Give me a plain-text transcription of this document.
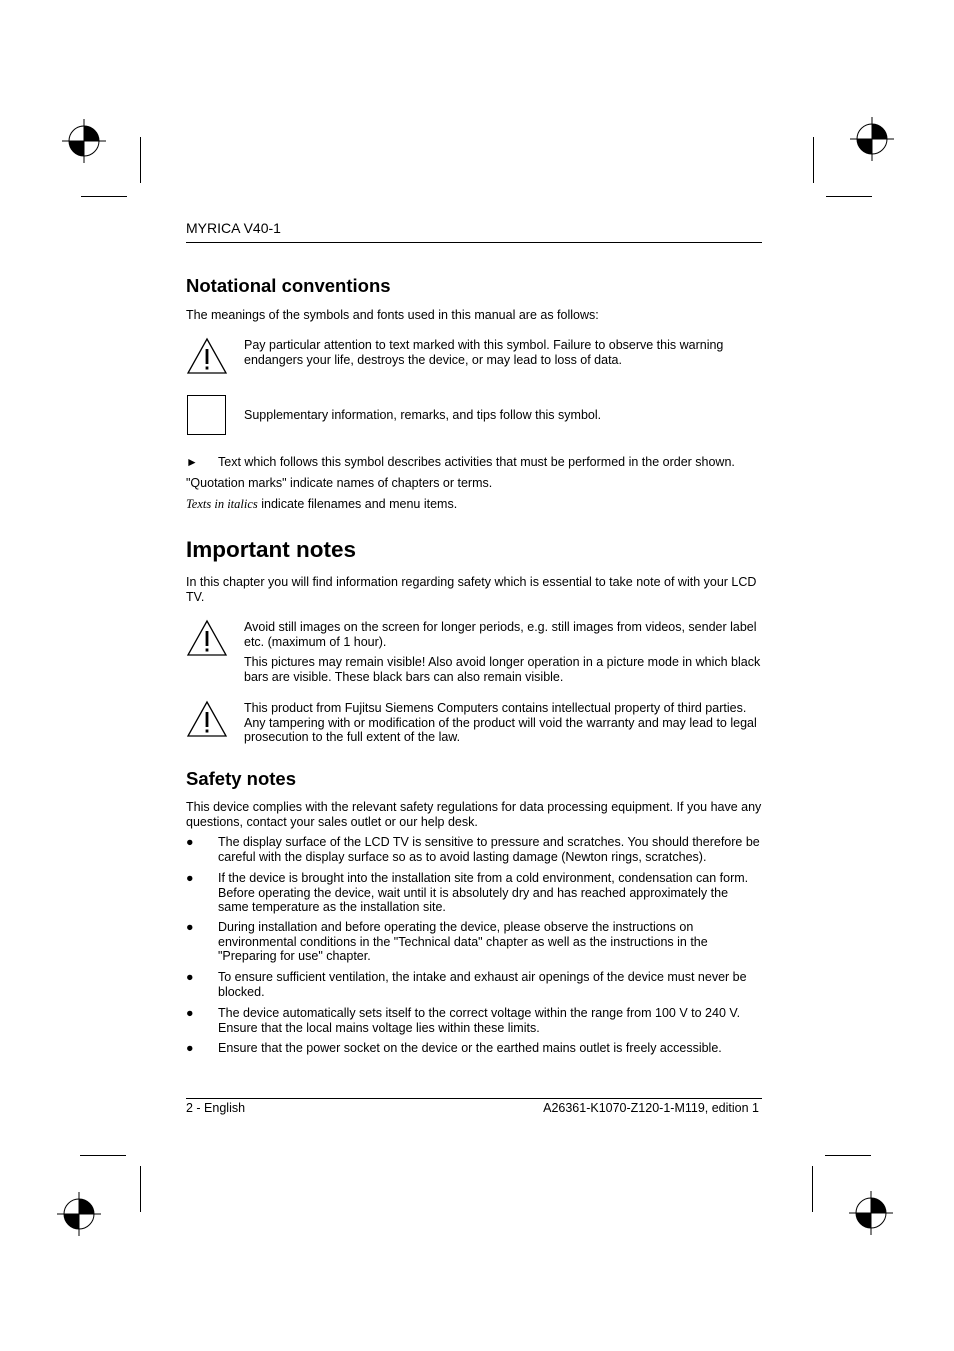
MYRICA V40-1
Notational conventions
The meanings of the symbols and fonts used in this manual are as follows:
Pay particular attention to text marked with this symbol. Failure to observe this warning endangers your life, destroys the device, or may lead to loss of data.
Supplementary information, remarks, and tips follow this symbol.
► Text which follows this symbol describes activities that must be performed in the order shown.
"Quotation marks" indicate names of chapters or terms.
Texts in italics indicate filenames and menu items.
Important notes
In this chapter you will find information regarding safety which is essential to take note of with your LCD TV.

Avoid still images on the screen for longer periods, e.g. still images from videos, sender label etc. (maximum of 1 hour).

This pictures may remain visible! Also avoid longer operation in a picture mode in which black bars are visible. These black bars can also remain visible.

This product from Fujitsu Siemens Computers contains intellectual property of third parties. Any tampering with or modification of the product will void the warranty and may lead to legal prosecution to the full extent of the law.
Safety notes
This device complies with the relevant safety regulations for data processing equipment. If you have any questions, contact your sales outlet or our help desk.
● The display surface of the LCD TV is sensitive to pressure and scratches. You should therefore be careful with the display surface so as to avoid lasting damage (Newton rings, scratches).
● If the device is brought into the installation site from a cold environment, condensation can form. Before operating the device, wait until it is absolutely dry and has reached approximately the same temperature as the installation site.
● During installation and before operating the device, please observe the instructions on environmental conditions in the "Technical data" chapter as well as the instructions in the "Preparing for use" chapter.
● To ensure sufficient ventilation, the intake and exhaust air openings of the device must never be blocked.
● The device automatically sets itself to the correct voltage within the range from 100 V to 240 V. Ensure that the local mains voltage lies within these limits.
● Ensure that the power socket on the device or the earthed mains outlet is freely accessible.
2 - English	A26361-K1070-Z120-1-M119, edition 1
